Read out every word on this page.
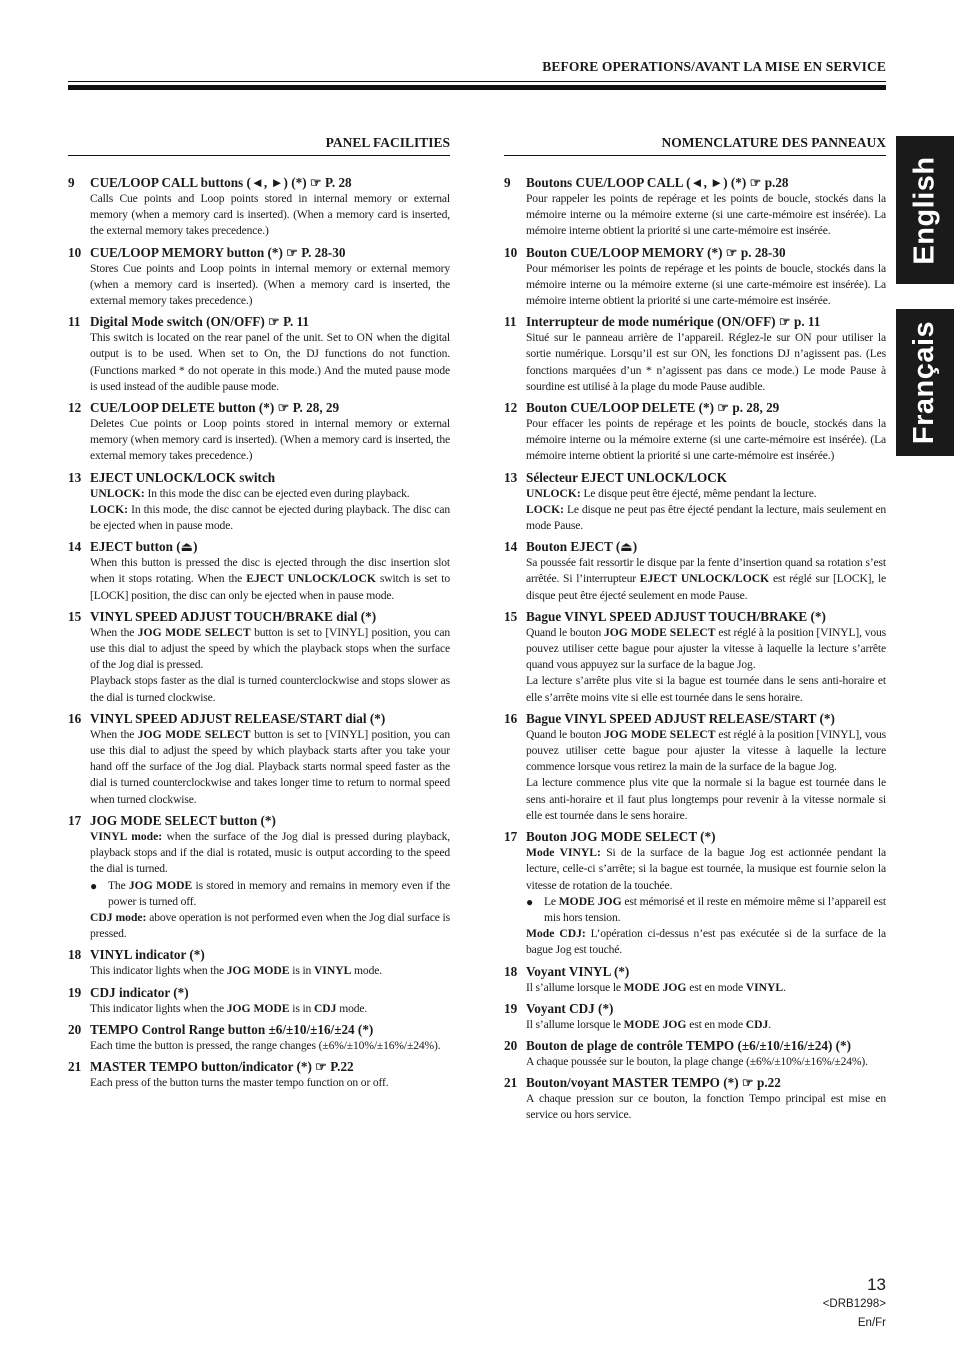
BEFORE OPERATIONS/AVANT LA MISE EN SERVICE
PANEL FACILITIES
9	CUE/LOOP CALL buttons (◄, ►) (*) ☞ P. 28

Calls Cue points and Loop points stored in internal memory or external memory (when a memory card is inserted). (When a memory card is inserted, the external memory takes precedence.)

10 CUE/LOOP MEMORY button (*) ☞ P. 28-30

Stores Cue points and Loop points in internal memory or external memory (when a memory card is inserted). (When a memory card is inserted, the external memory takes precedence.)

11 Digital Mode switch (ON/OFF) ☞ P. 11

This switch is located on the rear panel of the unit. Set to ON when the digital output is to be used. When set to On, the DJ functions do not function. (Functions marked * do not operate in this mode.) And the muted pause mode is used instead of the audible pause mode.

12 CUE/LOOP DELETE button (*) ☞ P. 28, 29

Deletes Cue points or Loop points stored in internal memory or external memory (when memory card is inserted). (When a memory card is inserted, the external memory takes precedence.)

13 EJECT UNLOCK/LOCK switch

UNLOCK: In this mode the disc can be ejected even during playback.

LOCK: In this mode, the disc cannot be ejected during playback. The disc can be ejected when in pause mode.

14 EJECT button (⏏)

When this button is pressed the disc is ejected through the disc insertion slot when it stops rotating. When the EJECT UNLOCK/LOCK switch is set to [LOCK] position, the disc can only be ejected when in pause mode.

15 VINYL SPEED ADJUST TOUCH/BRAKE dial (*)

When the JOG MODE SELECT button is set to [VINYL] position, you can use this dial to adjust the speed by which the playback stops when the surface of the Jog dial is pressed.

Playback stops faster as the dial is turned counterclockwise and stops slower as the dial is turned clockwise.

16 VINYL SPEED ADJUST RELEASE/START dial (*)

When the JOG MODE SELECT button is set to [VINYL] position, you can use this dial to adjust the speed by which playback starts after you take your hand off the surface of the Jog dial. Playback starts normal speed faster as the dial is turned counterclockwise and takes longer time to return to normal speed when turned clockwise.

17 JOG MODE SELECT button (*)

VINYL mode: when the surface of the Jog dial is pressed during playback, playback stops and if the dial is rotated, music is output according to the speed the dial is turned.

● The JOG MODE is stored in memory and remains in memory even if the power is turned off.

CDJ mode: above operation is not performed even when the Jog dial surface is pressed.

18 VINYL indicator (*)

This indicator lights when the JOG MODE is in VINYL mode.

19 CDJ indicator (*)

This indicator lights when the JOG MODE is in CDJ mode.

20 TEMPO Control Range button ±6/±10/±16/±24 (*)

Each time the button is pressed, the range changes (±6%/±10%/±16%/±24%).

21 MASTER TEMPO button/indicator (*) ☞ P.22

Each press of the button turns the master tempo function on or off.

NOMENCLATURE DES PANNEAUX
9	Boutons CUE/LOOP CALL (◄, ►) (*) ☞ p.28

Pour rappeler les points de repérage et les points de boucle, stockés dans la mémoire interne ou la mémoire externe (si une carte-mémoire est insérée). La mémoire interne obtient la priorité si une carte-mémoire est insérée.

10 Bouton CUE/LOOP MEMORY (*) ☞ p. 28-30

Pour mémoriser les points de repérage et les points de boucle, stockés dans la mémoire interne ou la mémoire externe (si une carte-mémoire est insérée). La mémoire interne obtient la priorité si une carte-mémoire est insérée.

11 Interrupteur de mode numérique (ON/OFF) ☞ p. 11

Situé sur le panneau arrière de l’appareil. Réglez-le sur ON pour utiliser la sortie numérique. Lorsqu’il est sur ON, les fonctions DJ n’agissent pas. (Les fonctions marquées d’un * n’agissent pas dans ce mode.) Le mode Pause à sourdine est utilisé à la plage du mode Pause audible.

12 Bouton CUE/LOOP DELETE (*) ☞ p. 28, 29

Pour effacer les points de repérage et les points de boucle, stockés dans la mémoire interne ou la mémoire externe (si une carte-mémoire est insérée). (La mémoire interne obtient la priorité si une carte-mémoire est insérée.)

13 Sélecteur EJECT UNLOCK/LOCK

UNLOCK: Le disque peut être éjecté, même pendant la lecture.

LOCK: Le disque ne peut pas être éjecté pendant la lecture, mais seulement en mode Pause.

14 Bouton EJECT (⏏)

Sa poussée fait ressortir le disque par la fente d’insertion quand sa rotation s’est arrêtée. Si l’interrupteur EJECT UNLOCK/LOCK est réglé sur [LOCK], le disque peut être éjecté seulement en mode Pause.

15 Bague VINYL SPEED ADJUST TOUCH/BRAKE (*)

Quand le bouton JOG MODE SELECT est réglé à la position [VINYL], vous pouvez utiliser cette bague pour ajuster la vitesse à laquelle la lecture s’arrête quand vous appuyez sur la surface de la bague Jog.

La lecture s’arrête plus vite si la bague est tournée dans le sens anti-horaire et elle s’arrête moins vite si elle est tournée dans le sens horaire.

16 Bague VINYL SPEED ADJUST RELEASE/START (*)

Quand le bouton JOG MODE SELECT est réglé à la position [VINYL], vous pouvez utiliser cette bague pour ajuster la vitesse à laquelle la lecture commence lorsque vous retirez la main de la surface de la bague Jog.

La lecture commence plus vite que la normale si la bague est tournée dans le sens anti-horaire et il faut plus longtemps pour revenir à la vitesse normale si elle est tournée dans le sens horaire.

17 Bouton JOG MODE SELECT (*)

Mode VINYL: Si de la surface de la bague Jog est actionnée pendant la lecture, celle-ci s’arrête; si la bague est tournée, la musique est fournie selon la vitesse de rotation de la touchée.

● Le MODE JOG est mémorisé et il reste en mémoire même si l’appareil est mis hors tension.

Mode CDJ: L’opération ci-dessus n’est pas exécutée si de la surface de la bague Jog est touché.

18 Voyant VINYL (*)

Il s’allume lorsque le MODE JOG est en mode VINYL.

19 Voyant CDJ (*)

Il s’allume lorsque le MODE JOG est en mode CDJ.

20 Bouton de plage de contrôle TEMPO (±6/±10/±16/±24) (*)

A chaque poussée sur le bouton, la plage change (±6%/±10%/±16%/±24%).

21 Bouton/voyant MASTER TEMPO (*) ☞ p.22

A chaque pression sur ce bouton, la fonction Tempo principal est mise en service ou hors service.

English
Français
13
<DRB1298>
En/Fr
